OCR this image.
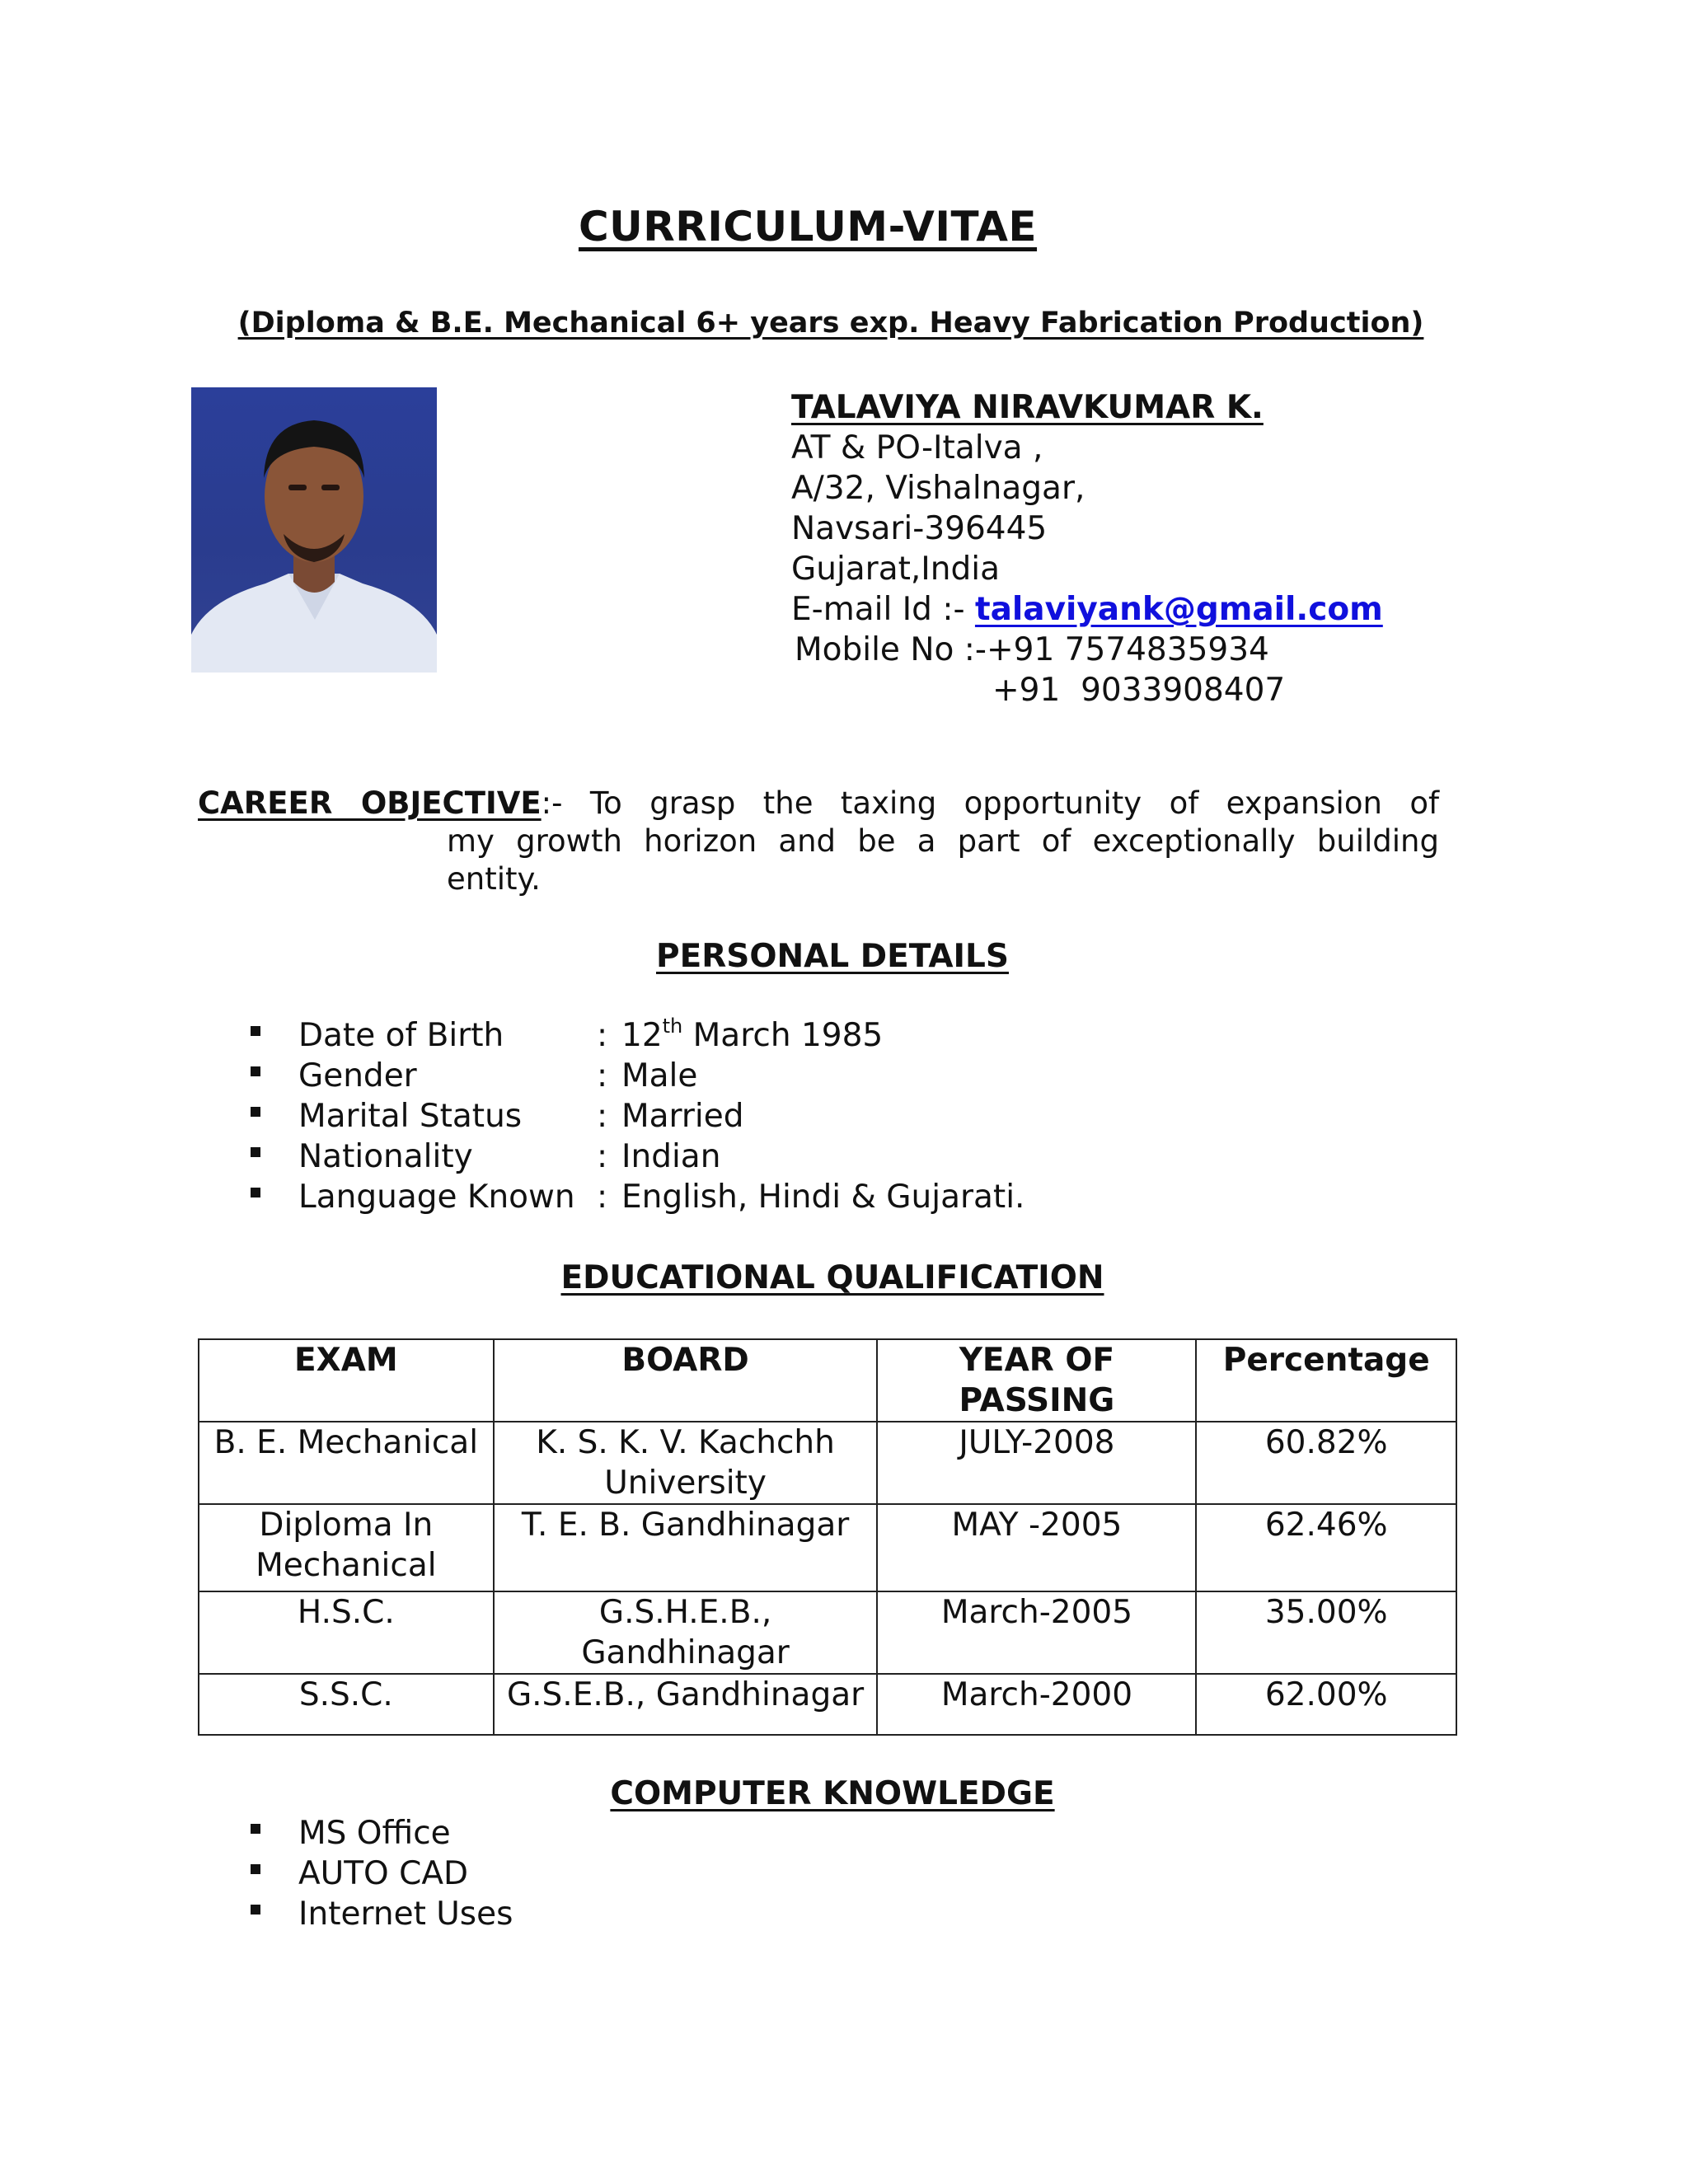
CURRICULUM-VITAE
(Diploma & B.E. Mechanical 6+ years exp. Heavy Fabrication Production)
TALAVIYA NIRAVKUMAR K.
AT & PO-Italva ,
A/32, Vishalnagar,
Navsari-396445
Gujarat,India
E-mail Id :- talaviyank@gmail.com
Mobile No :-+91 7574835934
+91  9033908407
CAREER OBJECTIVE:- To grasp the taxing opportunity of expansion of
my growth horizon and be a part of exceptionally building
entity.
PERSONAL DETAILS
Date of Birth	: 12th March 1985
Gender	: Male
Marital Status	: Married
Nationality	: Indian
Language Known : English, Hindi & Gujarati.
EDUCATIONAL QUALIFICATION
EXAM	BOARD	YEAR OF PASSING	Percentage
B. E. Mechanical	K. S. K. V. Kachchh University	JULY-2008	60.82%
Diploma In Mechanical	T. E. B. Gandhinagar	MAY -2005	62.46%
H.S.C.	G.S.H.E.B., Gandhinagar	March-2005	35.00%
S.S.C.	G.S.E.B., Gandhinagar	March-2000	62.00%
COMPUTER KNOWLEDGE
MS Office
AUTO CAD
Internet Uses
